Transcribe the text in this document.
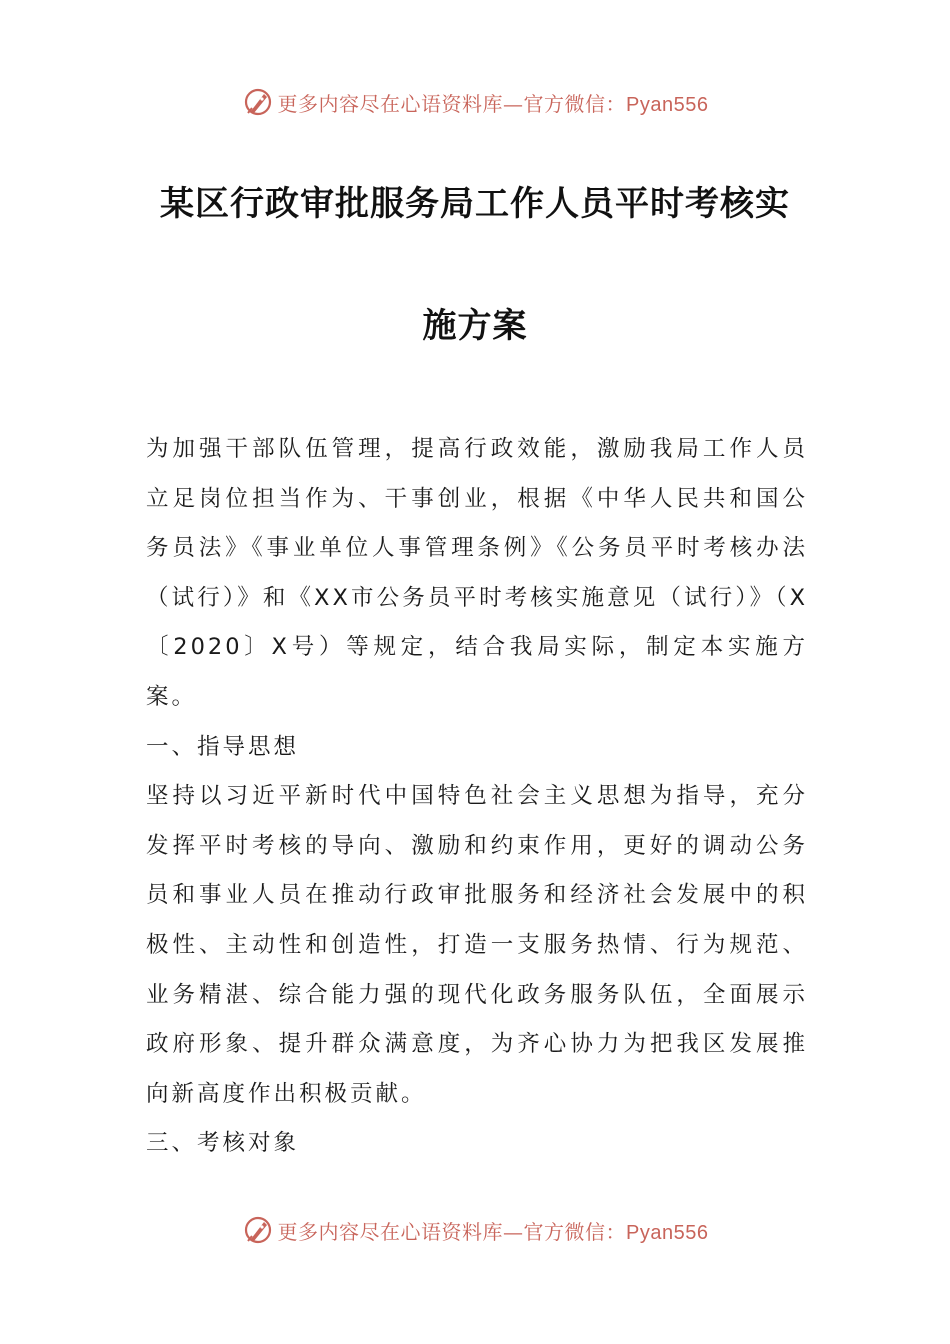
更多内容尽在心语资料库—官方微信：Pyan556
某区行政审批服务局工作人员平时考核实
施方案

为加强干部队伍管理，提高行政效能，激励我局工作人员立足岗位担当作为、干事创业，根据《中华人民共和国公务员法》《事业单位人事管理条例》《公务员平时考核办法（试行）》和《XX市公务员平时考核实施意见（试行）》（X〔2020〕X号）等规定，结合我局实际，制定本实施方案。

一、指导思想

坚持以习近平新时代中国特色社会主义思想为指导，充分发挥平时考核的导向、激励和约束作用，更好的调动公务员和事业人员在推动行政审批服务和经济社会发展中的积极性、主动性和创造性，打造一支服务热情、行为规范、业务精湛、综合能力强的现代化政务服务队伍，全面展示政府形象、提升群众满意度，为齐心协力为把我区发展推向新高度作出积极贡献。

三、考核对象

更多内容尽在心语资料库—官方微信：Pyan556
